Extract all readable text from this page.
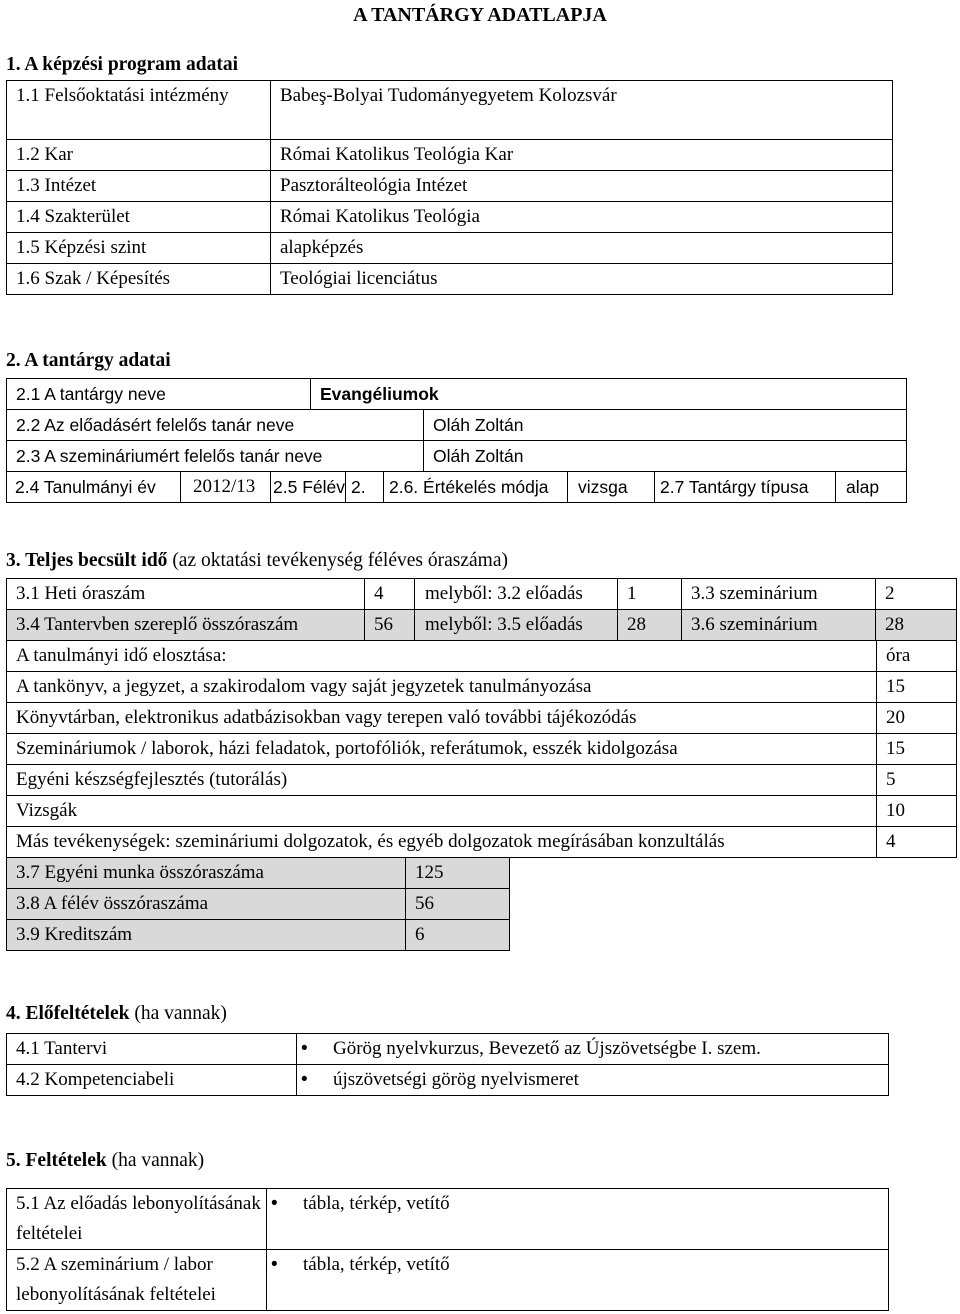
A TANTÁRGY ADATLAPJA
1. A képzési program adatai
1.1 Felsőoktatási intézmény	Babeş-Bolyai Tudományegyetem Kolozsvár
1.2 Kar	Római Katolikus Teológia Kar
1.3 Intézet	Pasztorálteológia Intézet
1.4 Szakterület	Római Katolikus Teológia
1.5 Képzési szint	alapképzés
1.6 Szak / Képesítés	Teológiai licenciátus
2. A tantárgy adatai
2.1 A tantárgy neve	Evangéliumok
2.2 Az előadásért felelős tanár neve	Oláh Zoltán
2.3 A szemináriumért felelős tanár neve	Oláh Zoltán
2.4 Tanulmányi év	2012/13	2.5 Félév	2.	2.6. Értékelés módja	vizsga	2.7 Tantárgy típusa	alap
3. Teljes becsült idő (az oktatási tevékenység féléves óraszáma)
3.1 Heti óraszám	4	melyből: 3.2 előadás	1	3.3 szeminárium	2
3.4 Tantervben szereplő összóraszám	56	melyből: 3.5 előadás	28	3.6 szeminárium	28
A tanulmányi idő elosztása:	óra
A tankönyv, a jegyzet, a szakirodalom vagy saját jegyzetek tanulmányozása	15
Könyvtárban, elektronikus adatbázisokban vagy terepen való további tájékozódás	20
Szemináriumok / laborok, házi feladatok, portofóliók, referátumok, esszék kidolgozása	15
Egyéni készségfejlesztés (tutorálás)	5
Vizsgák	10
Más tevékenységek: szemináriumi dolgozatok, és egyéb dolgozatok megírásában konzultálás	4
3.7 Egyéni munka összóraszáma	125
3.8 A félév összóraszáma	56
3.9 Kreditszám	6
4. Előfeltételek (ha vannak)
4.1 Tantervi	•Görög nyelvkurzus, Bevezető az Újszövetségbe I. szem.
4.2 Kompetenciabeli	•újszövetségi görög nyelvismeret
5. Feltételek (ha vannak)
5.1 Az előadás lebonyolításának feltételei	• tábla, térkép, vetítő
5.2 A szeminárium / labor lebonyolításának feltételei	• tábla, térkép, vetítő
